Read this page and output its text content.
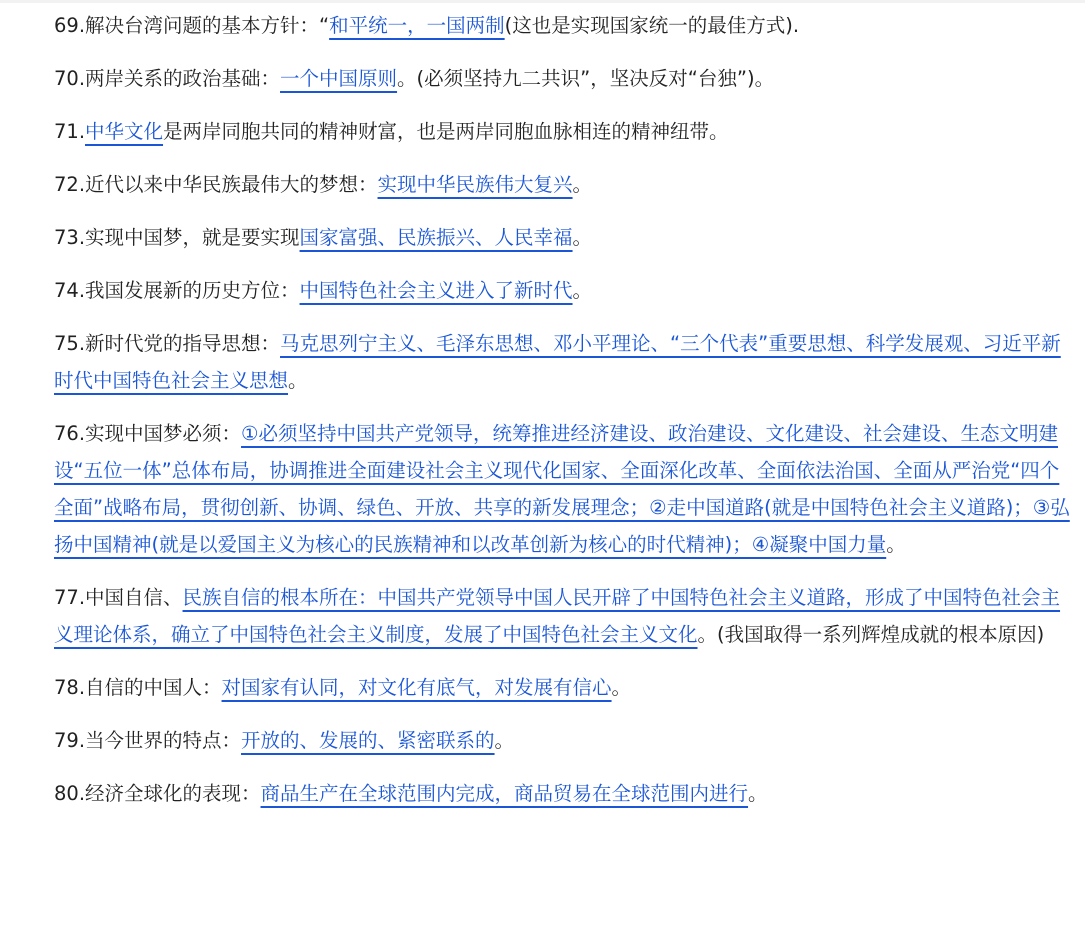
69.解决台湾问题的基本方针：“和平统一，一国两制(这也是实现国家统一的最佳方式).

70.两岸关系的政治基础：一个中国原则。(必须坚持九二共识”，坚决反对“台独”)。

71.中华文化是两岸同胞共同的精神财富，也是两岸同胞血脉相连的精神纽带。

72.近代以来中华民族最伟大的梦想：实现中华民族伟大复兴。

73.实现中国梦，就是要实现国家富强、民族振兴、人民幸福。

74.我国发展新的历史方位：中国特色社会主义进入了新时代。

75.新时代党的指导思想：马克思列宁主义、毛泽东思想、邓小平理论、“三个代表”重要思想、科学发展观、习近平新时代中国特色社会主义思想。

76.实现中国梦必须：①必须坚持中国共产党领导，统筹推进经济建设、政治建设、文化建设、社会建设、生态文明建设“五位一体”总体布局，协调推进全面建设社会主义现代化国家、全面深化改革、全面依法治国、全面从严治党“四个全面”战略布局，贯彻创新、协调、绿色、开放、共享的新发展理念；②走中国道路(就是中国特色社会主义道路)；③弘扬中国精神(就是以爱国主义为核心的民族精神和以改革创新为核心的时代精神)；④凝聚中国力量。

77.中国自信、民族自信的根本所在：中国共产党领导中国人民开辟了中国特色社会主义道路，形成了中国特色社会主义理论体系，确立了中国特色社会主义制度，发展了中国特色社会主义文化。(我国取得一系列辉煌成就的根本原因)

78.自信的中国人：对国家有认同，对文化有底气，对发展有信心。

79.当今世界的特点：开放的、发展的、紧密联系的。

80.经济全球化的表现：商品生产在全球范围内完成，商品贸易在全球范围内进行。
